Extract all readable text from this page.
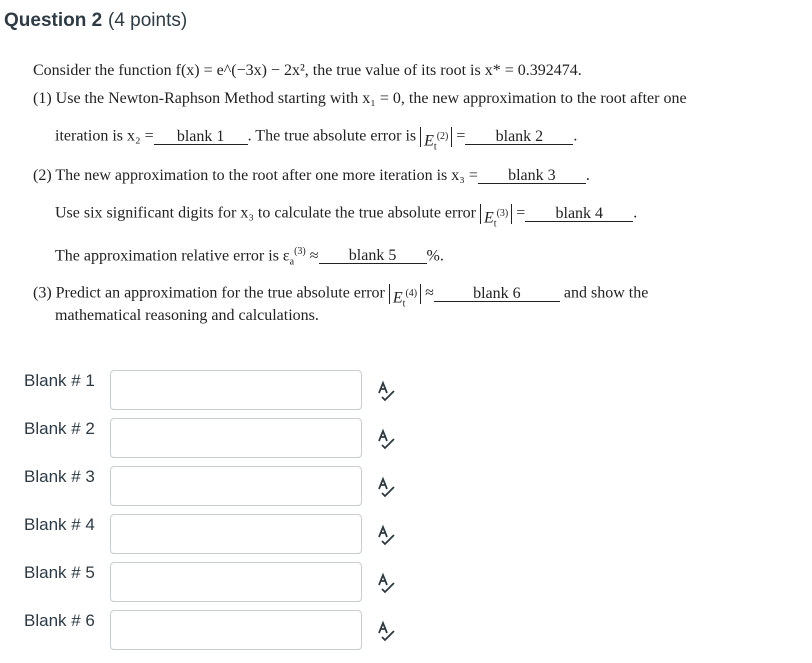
Question 2 (4 points)
Consider the function f(x) = e^(−3x) − 2x², the true value of its root is x* = 0.392474.
(1) Use the Newton-Raphson Method starting with x₁ = 0, the new approximation to the root after one
iteration is x₂ = blank 1 . The true absolute error is $E_t^{(2)}$ = blank 2 .
(2) The new approximation to the root after one more iteration is x₃ = blank 3 .
Use six significant digits for x₃ to calculate the true absolute error $E_t^{(3)}$ = blank 4 .
The approximation relative error is $\varepsilon_a^{(3)}$ ≈ blank 5 %.
(3) Predict an approximation for the true absolute error $E_t^{(4)}$ ≈ blank 6	and show the
mathematical reasoning and calculations.
Blank # 1
Blank # 2
Blank # 3
Blank # 4
Blank # 5
Blank # 6
